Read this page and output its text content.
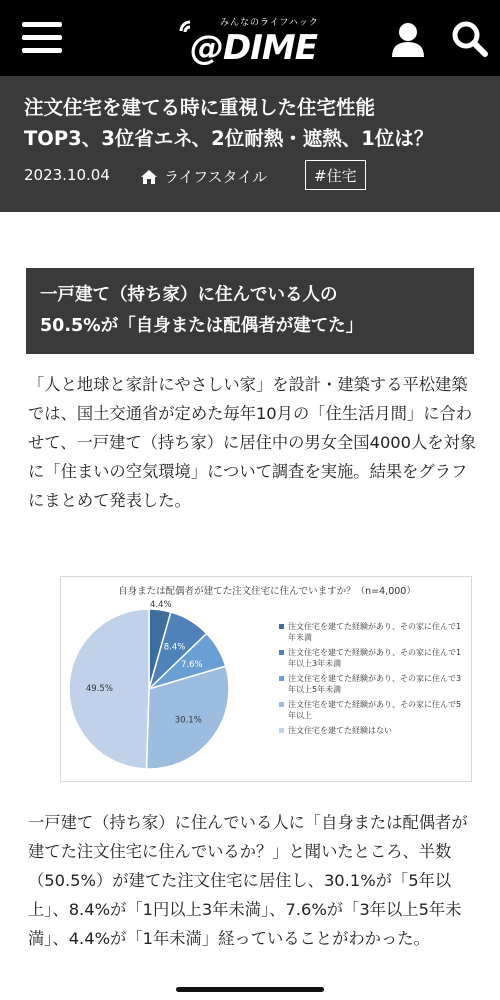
みんなのライフハック
@DIME
注文住宅を建てる時に重視した住宅性能
TOP3、3位省エネ、2位耐熱・遮熱、1位は？
2023.10.04	ライフスタイル	#住宅
一戸建て（持ち家）に住んでいる人の
50.5%が「自身または配偶者が建てた」

「人と地球と家計にやさしい家」を設計・建築する平松建築では、国土交通省が定めた毎年10月の「住生活月間」に合わせて、一戸建て（持ち家）に居住中の男女全国4000人を対象に「住まいの空気環境」について調査を実施。結果をグラフにまとめて発表した。

自身または配偶者が建てた注文住宅に住んでいますか？（n=4,000）
4.4%
8.4%
7.6%
30.1%
49.5%
注文住宅を建てた経験があり、その家に住んで1年未満
注文住宅を建てた経験があり、その家に住んで1年以上3年未満
注文住宅を建てた経験があり、その家に住んで3年以上5年未満
注文住宅を建てた経験があり、その家に住んで5年以上
注文住宅を建てた経験はない

一戸建て（持ち家）に住んでいる人に「自身または配偶者が建てた注文住宅に住んでいるか？」と聞いたところ、半数（50.5%）が建てた注文住宅に居住し、30.1%が「5年以上」、8.4%が「1円以上3年未満」、7.6%が「3年以上5年未満」、4.4%が「1年未満」経っていることがわかった。
